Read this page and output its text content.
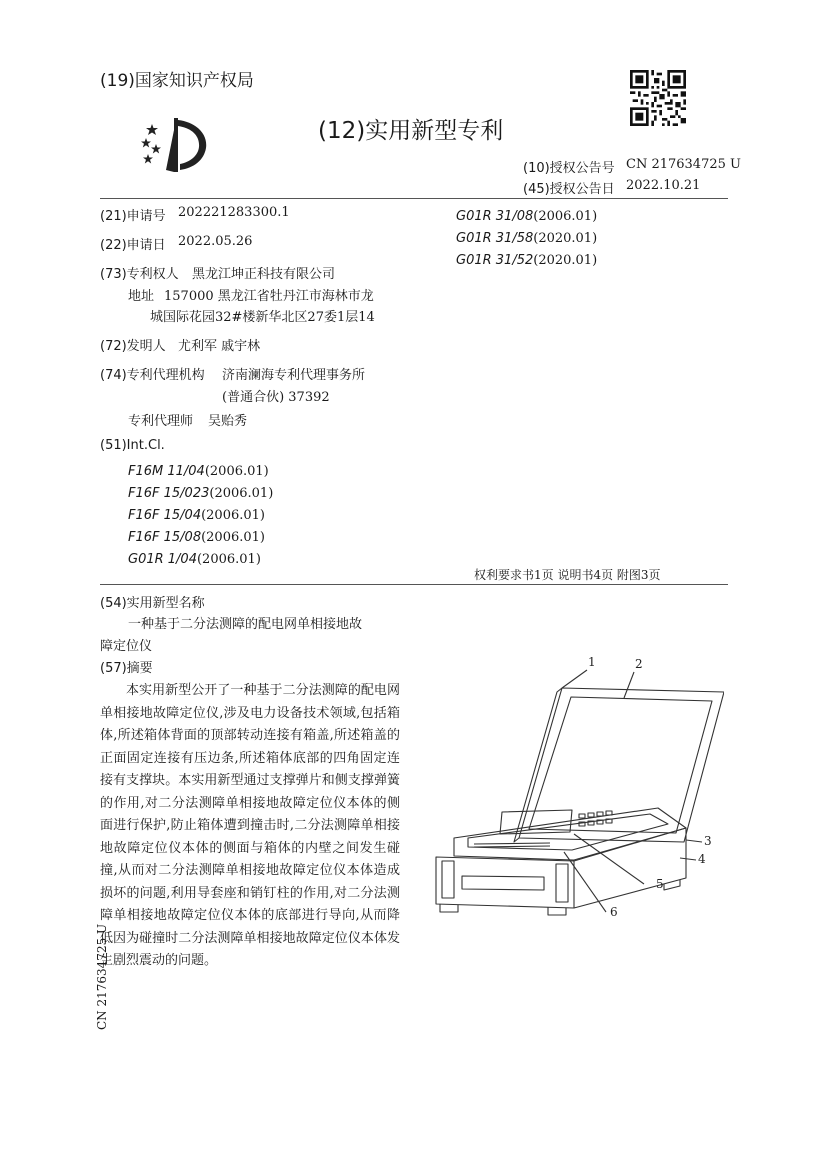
(19)国家知识产权局
(12)实用新型专利
(10)授权公告号 CN 217634725 U
(45)授权公告日 2022.10.21
(21)申请号 202221283300.1
(22)申请日 2022.05.26
(73)专利权人 黑龙江坤正科技有限公司
地址 157000 黑龙江省牡丹江市海林市龙
城国际花园32#楼新华北区27委1层14
(72)发明人 尤利军 戚宇林
(74)专利代理机构 济南澜海专利代理事务所
(普通合伙) 37392
专利代理师 吴贻秀
(51)Int.Cl.
F16M 11/04(2006.01)
F16F 15/023(2006.01)
F16F 15/04(2006.01)
F16F 15/08(2006.01)
G01R 1/04(2006.01)
G01R 31/08(2006.01)
G01R 31/58(2020.01)
G01R 31/52(2020.01)
权利要求书1页 说明书4页 附图3页
(54)实用新型名称
一种基于二分法测障的配电网单相接地故
障定位仪
(57)摘要
本实用新型公开了一种基于二分法测障的配电网单相接地故障定位仪,涉及电力设备技术领域,包括箱体,所述箱体背面的顶部转动连接有箱盖,所述箱盖的正面固定连接有压边条,所述箱体底部的四角固定连接有支撑块。本实用新型通过支撑弹片和侧支撑弹簧的作用,对二分法测障单相接地故障定位仪本体的侧面进行保护,防止箱体遭到撞击时,二分法测障单相接地故障定位仪本体的侧面与箱体的内壁之间发生碰撞,从而对二分法测障单相接地故障定位仪本体造成损坏的问题,利用导套座和销钉柱的作用,对二分法测障单相接地故障定位仪本体的底部进行导向,从而降低因为碰撞时二分法测障单相接地故障定位仪本体发生剧烈震动的问题。
1	2
3
4
5
6
CN 217634725 U
